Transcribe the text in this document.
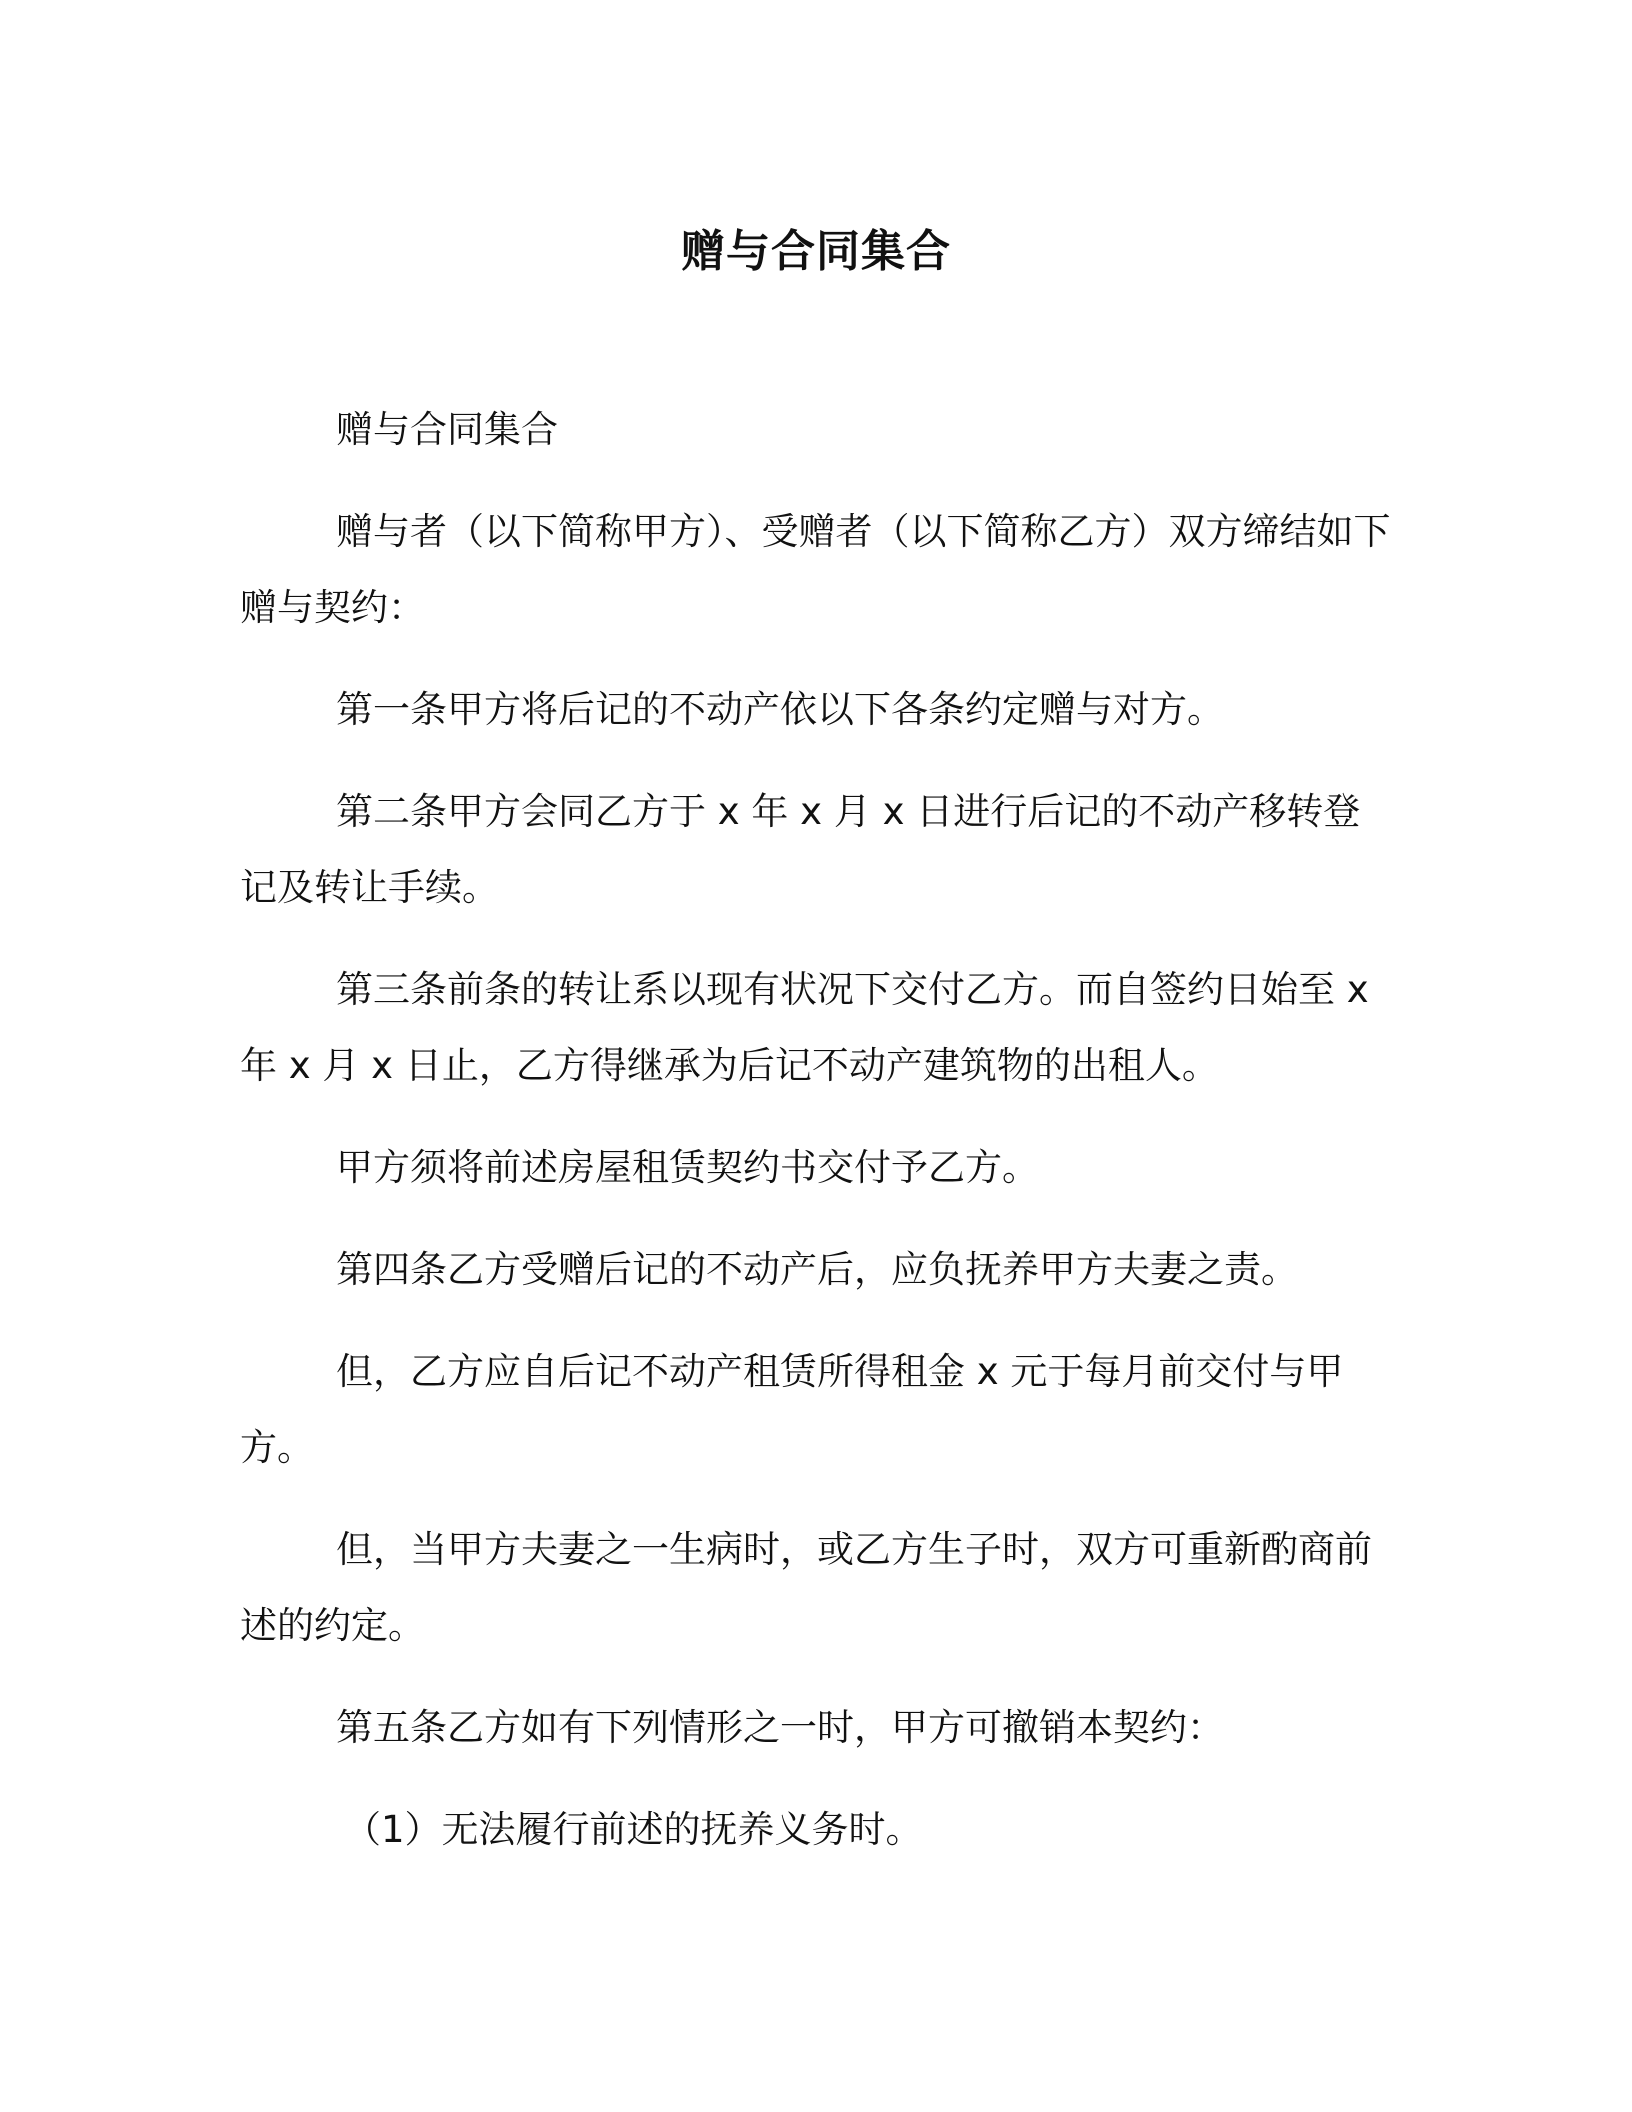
赠与合同集合

赠与合同集合

赠与者（以下简称甲方）、受赠者（以下简称乙方）双方缔结如下赠与契约：

第一条甲方将后记的不动产依以下各条约定赠与对方。

第二条甲方会同乙方于 x 年 x 月 x 日进行后记的不动产移转登记及转让手续。

第三条前条的转让系以现有状况下交付乙方。而自签约日始至 x 年 x 月 x 日止，乙方得继承为后记不动产建筑物的出租人。

甲方须将前述房屋租赁契约书交付予乙方。

第四条乙方受赠后记的不动产后，应负抚养甲方夫妻之责。

但，乙方应自后记不动产租赁所得租金 x 元于每月前交付与甲方。

但，当甲方夫妻之一生病时，或乙方生子时，双方可重新酌商前述的约定。

第五条乙方如有下列情形之一时，甲方可撤销本契约：

（1）无法履行前述的抚养义务时。
